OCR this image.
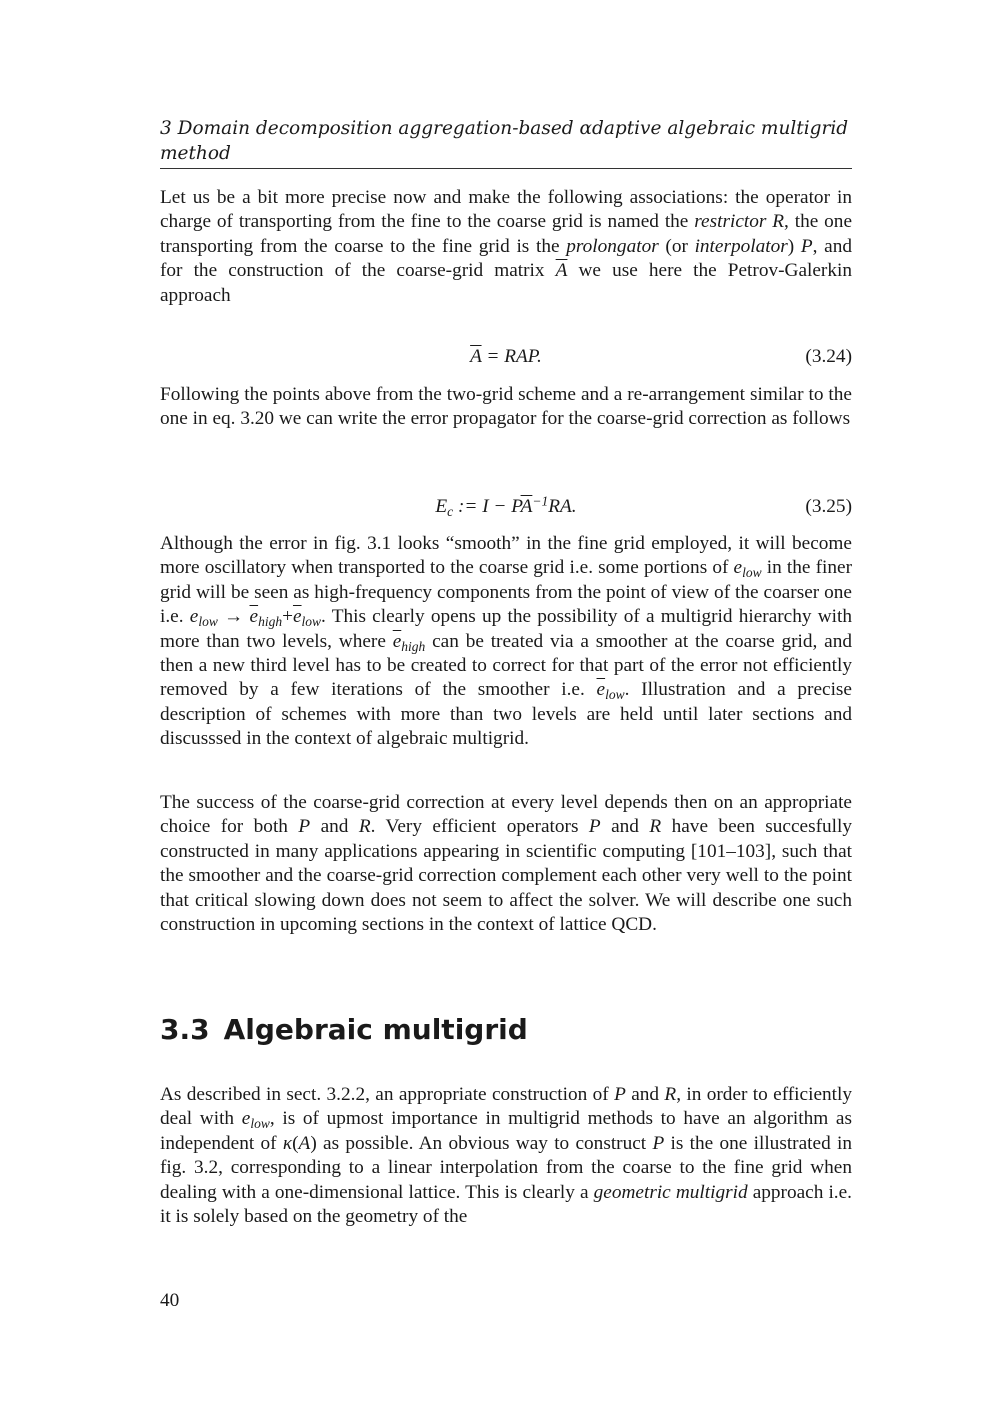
3 Domain decomposition aggregation-based αdaptive algebraic multigrid method

Let us be a bit more precise now and make the following associations: the operator in charge of transporting from the fine to the coarse grid is named the restrictor R, the one transporting from the coarse to the fine grid is the prolongator (or interpolator) P, and for the construction of the coarse-grid matrix $\overline{A}$ we use here the Petrov-Galerkin approach

$\overline{A}$ = RAP.	(3.24)

Following the points above from the two-grid scheme and a re-arrangement similar to the one in eq. 3.20 we can write the error propagator for the coarse-grid correction as follows

$E_c$ := $I - P\overline{A}^{-1}RA$.	(3.25)

Although the error in fig. 3.1 looks “smooth” in the fine grid employed, it will become more oscillatory when transported to the coarse grid i.e. some portions of $e_{low}$ in the finer grid will be seen as high-frequency components from the point of view of the coarser one i.e. $e_{low} \to \overline{e}_{high}+\overline{e}_{low}$. This clearly opens up the possibility of a multigrid hierarchy with more than two levels, where $\overline{e}_{high}$ can be treated via a smoother at the coarse grid, and then a new third level has to be created to correct for that part of the error not efficiently removed by a few iterations of the smoother i.e. $\overline{e}_{low}$. Illustration and a precise description of schemes with more than two levels are held until later sections and discusssed in the context of algebraic multigrid.

The success of the coarse-grid correction at every level depends then on an appropriate choice for both P and R. Very efficient operators P and R have been succesfully constructed in many applications appearing in scientific computing [101–103], such that the smoother and the coarse-grid correction complement each other very well to the point that critical slowing down does not seem to affect the solver. We will describe one such construction in upcoming sections in the context of lattice QCD.

3.3 Algebraic multigrid

As described in sect. 3.2.2, an appropriate construction of P and R, in order to efficiently deal with $e_{low}$, is of upmost importance in multigrid methods to have an algorithm as independent of κ(A) as possible. An obvious way to construct P is the one illustrated in fig. 3.2, corresponding to a linear interpolation from the coarse to the fine grid when dealing with a one-dimensional lattice. This is clearly a geometric multigrid approach i.e. it is solely based on the geometry of the

40
